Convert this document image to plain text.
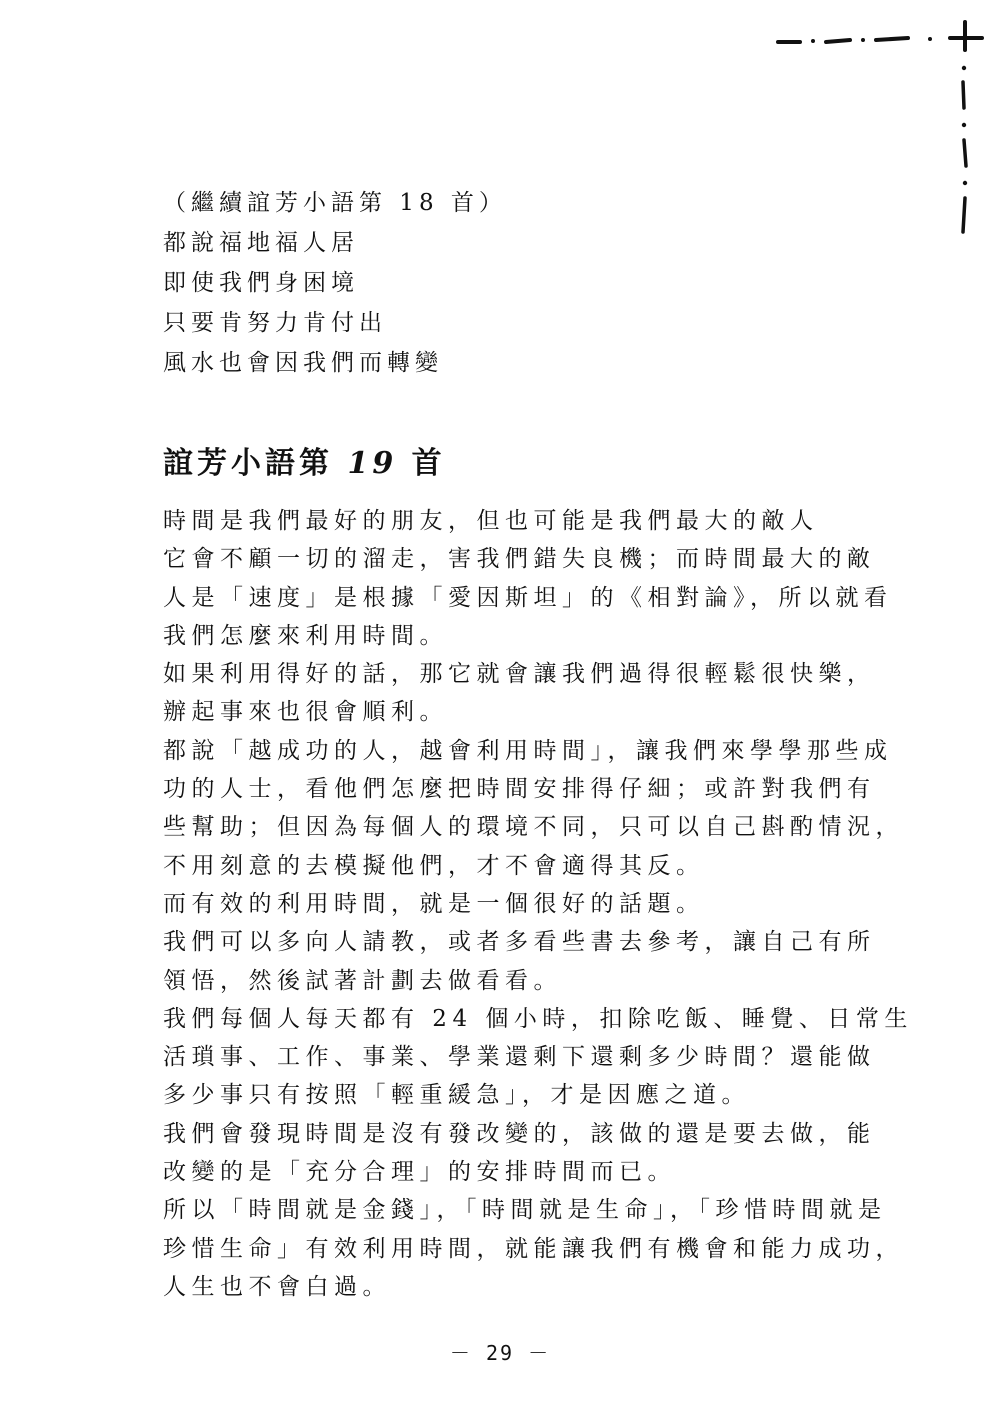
（繼續誼芳小語第 18 首）
都說福地福人居
即使我們身困境
只要肯努力肯付出
風水也會因我們而轉變
誼芳小語第 19 首
時間是我們最好的朋友，但也可能是我們最大的敵人
它會不顧一切的溜走，害我們錯失良機；而時間最大的敵
人是「速度」是根據「愛因斯坦」的《相對論》，所以就看
我們怎麼來利用時間。
如果利用得好的話，那它就會讓我們過得很輕鬆很快樂，
辦起事來也很會順利。
都說「越成功的人，越會利用時間」，讓我們來學學那些成
功的人士，看他們怎麼把時間安排得仔細；或許對我們有
些幫助；但因為每個人的環境不同，只可以自己斟酌情況，
不用刻意的去模擬他們，才不會適得其反。
而有效的利用時間，就是一個很好的話題。
我們可以多向人請教，或者多看些書去參考，讓自己有所
領悟，然後試著計劃去做看看。
我們每個人每天都有 24 個小時，扣除吃飯、睡覺、日常生
活瑣事、工作、事業、學業還剩下還剩多少時間？還能做
多少事只有按照「輕重緩急」，才是因應之道。
我們會發現時間是沒有發改變的，該做的還是要去做，能
改變的是「充分合理」的安排時間而已。
所以「時間就是金錢」，「時間就是生命」，「珍惜時間就是
珍惜生命」有效利用時間，就能讓我們有機會和能力成功，
人生也不會白過。
－ 29 －
